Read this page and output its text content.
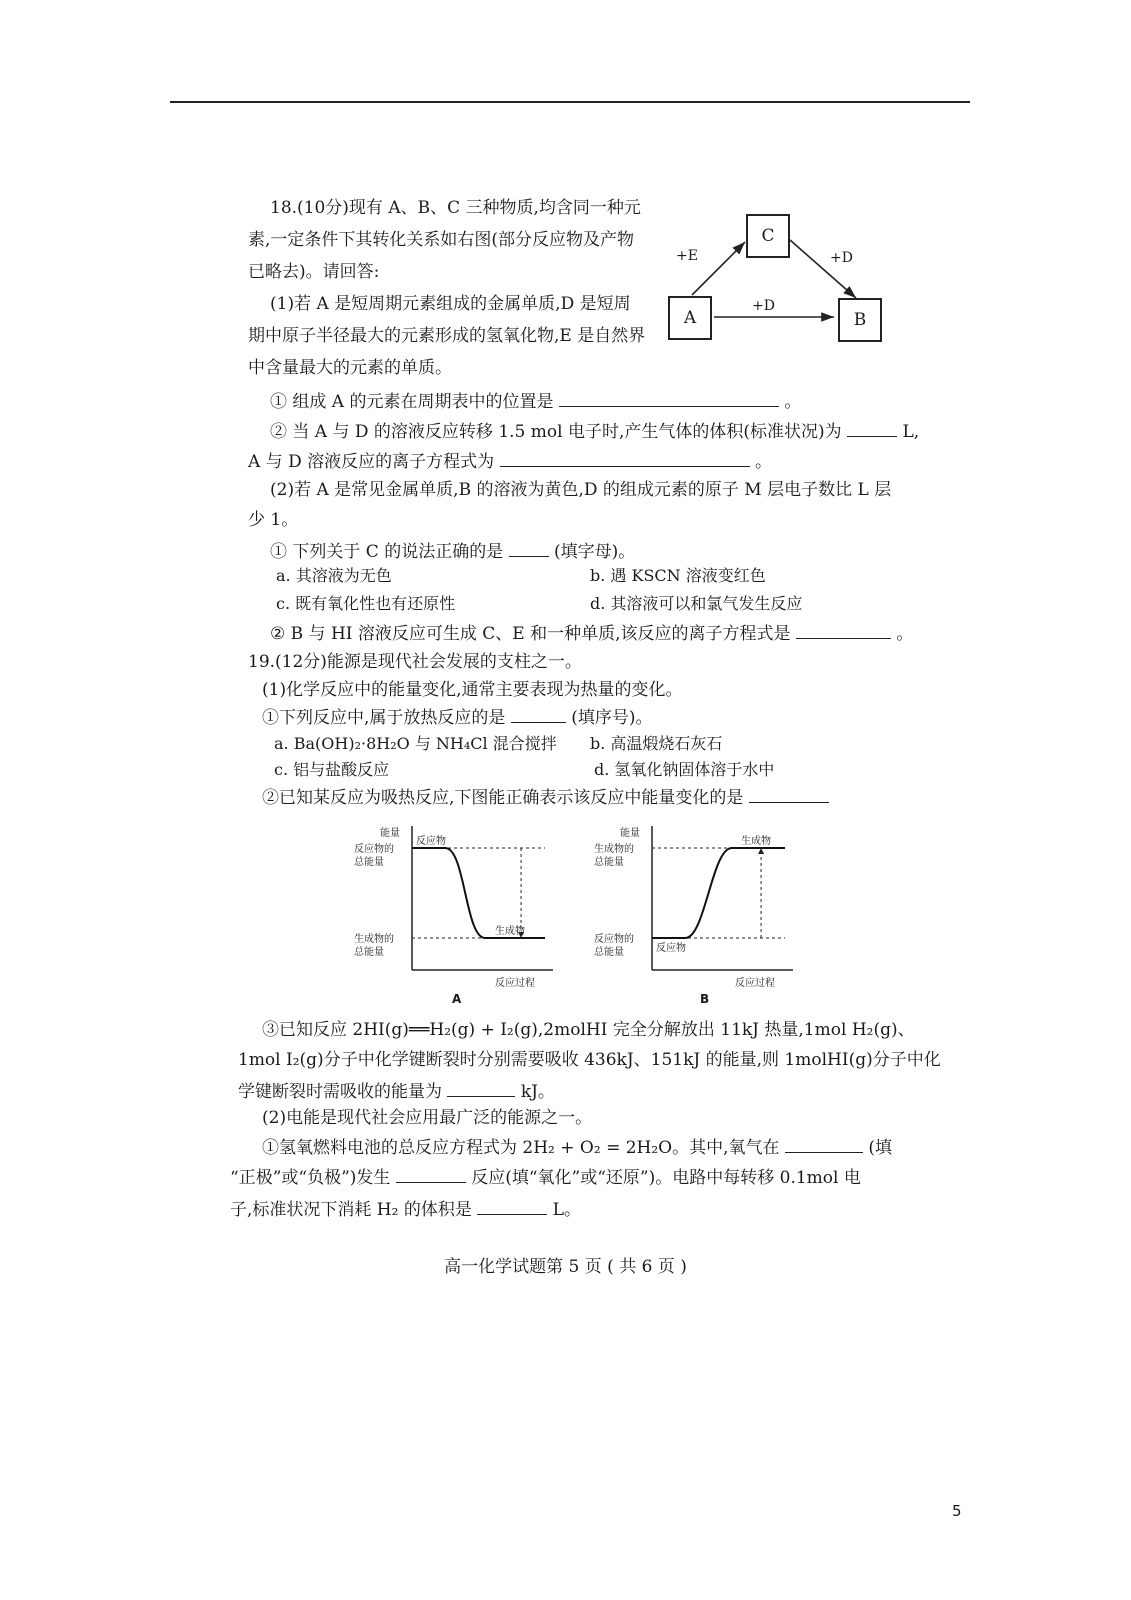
18.(10分)现有 A、B、C 三种物质,均含同一种元
素,一定条件下其转化关系如右图(部分反应物及产物
已略去)。请回答:
(1)若 A 是短周期元素组成的金属单质,D 是短周
期中原子半径最大的元素形成的氢氧化物,E 是自然界
中含量最大的元素的单质。
C
A	B
+E	+D
+D
① 组成 A 的元素在周期表中的位置是	。
② 当 A 与 D 的溶液反应转移 1.5 mol 电子时,产生气体的体积(标准状况)为	L,
A 与 D 溶液反应的离子方程式为	。
(2)若 A 是常见金属单质,B 的溶液为黄色,D 的组成元素的原子 M 层电子数比 L 层
少 1。
① 下列关于 C 的说法正确的是	(填字母)。
a. 其溶液为无色	b. 遇 KSCN 溶液变红色
c. 既有氧化性也有还原性	d. 其溶液可以和氯气发生反应
② B 与 HI 溶液反应可生成 C、E 和一种单质,该反应的离子方程式是	。
19.(12分)能源是现代社会发展的支柱之一。
(1)化学反应中的能量变化,通常主要表现为热量的变化。
①下列反应中,属于放热反应的是	(填序号)。
a. Ba(OH)₂·8H₂O 与 NH₄Cl 混合搅拌 b. 高温煅烧石灰石
c. 铝与盐酸反应	d. 氢氧化钠固体溶于水中
②已知某反应为吸热反应,下图能正确表示该反应中能量变化的是
能量
反应过程
反应物的
总能量
生成物的
总能量
反应物
生成物
能量
反应过程
生成物的
总能量
反应物的
总能量	反应物
生成物
A	B
③已知反应 2HI(g)══H₂(g) + I₂(g),2molHI 完全分解放出 11kJ 热量,1mol H₂(g)、
1mol I₂(g)分子中化学键断裂时分别需要吸收 436kJ、151kJ 的能量,则 1molHI(g)分子中化
学键断裂时需吸收的能量为	kJ。
(2)电能是现代社会应用最广泛的能源之一。
①氢氧燃料电池的总反应方程式为 2H₂ + O₂ = 2H₂O。其中,氧气在	(填
“正极”或“负极”)发生	反应(填“氧化”或“还原”)。电路中每转移 0.1mol 电
子,标准状况下消耗 H₂ 的体积是	L。
高一化学试题第 5 页 ( 共 6 页 )
5
